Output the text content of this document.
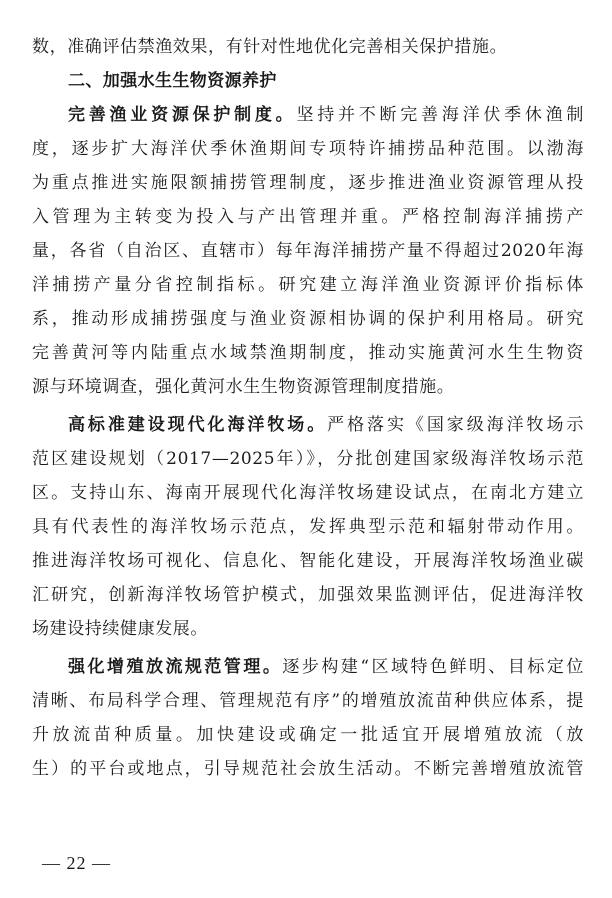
数，准确评估禁渔效果，有针对性地优化完善相关保护措施。
二、加强水生生物资源养护
完善渔业资源保护制度。坚持并不断完善海洋伏季休渔制
度，逐步扩大海洋伏季休渔期间专项特许捕捞品种范围。以渤海
为重点推进实施限额捕捞管理制度，逐步推进渔业资源管理从投
入管理为主转变为投入与产出管理并重。严格控制海洋捕捞产
量，各省（自治区、直辖市）每年海洋捕捞产量不得超过2020年海
洋捕捞产量分省控制指标。研究建立海洋渔业资源评价指标体
系，推动形成捕捞强度与渔业资源相协调的保护利用格局。研究
完善黄河等内陆重点水域禁渔期制度，推动实施黄河水生生物资
源与环境调查，强化黄河水生生物资源管理制度措施。
高标准建设现代化海洋牧场。严格落实《国家级海洋牧场示
范区建设规划（2017—2025年）》，分批创建国家级海洋牧场示范
区。支持山东、海南开展现代化海洋牧场建设试点，在南北方建立
具有代表性的海洋牧场示范点，发挥典型示范和辐射带动作用。
推进海洋牧场可视化、信息化、智能化建设，开展海洋牧场渔业碳
汇研究，创新海洋牧场管护模式，加强效果监测评估，促进海洋牧
场建设持续健康发展。
强化增殖放流规范管理。逐步构建“区域特色鲜明、目标定位
清晰、布局科学合理、管理规范有序”的增殖放流苗种供应体系，提
升放流苗种质量。加快建设或确定一批适宜开展增殖放流（放
生）的平台或地点，引导规范社会放生活动。不断完善增殖放流管
— 22 —
